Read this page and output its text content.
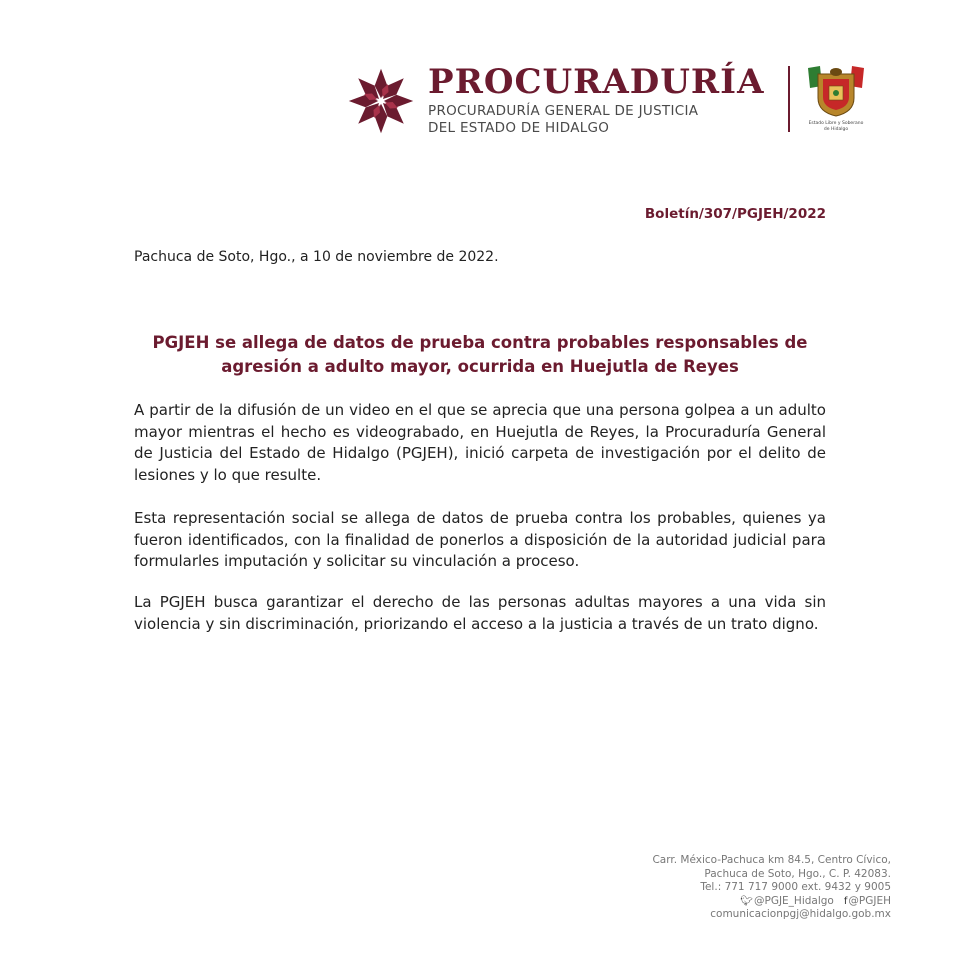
PROCURADURÍA
PROCURADURÍA GENERAL DE JUSTICIA
DEL ESTADO DE HIDALGO	Estado Libre y Soberano
de Hidalgo
Boletín/307/PGJEH/2022
Pachuca de Soto, Hgo., a 10 de noviembre de 2022.
PGJEH se allega de datos de prueba contra probables responsables de
agresión a adulto mayor, ocurrida en Huejutla de Reyes
A partir de la difusión de un video en el que se aprecia que una persona golpea a un adulto mayor mientras el hecho es videograbado, en Huejutla de Reyes, la Procuraduría General de Justicia del Estado de Hidalgo (PGJEH), inició carpeta de investigación por el delito de lesiones y lo que resulte.
Esta representación social se allega de datos de prueba contra los probables, quienes ya fueron identificados, con la finalidad de ponerlos a disposición de la autoridad judicial para formularles imputación y solicitar su vinculación a proceso.
La PGJEH busca garantizar el derecho de las personas adultas mayores a una vida sin violencia y sin discriminación, priorizando el acceso a la justicia a través de un trato digno.
Carr. México-Pachuca km 84.5, Centro Cívico,
Pachuca de Soto, Hgo., C. P. 42083.
Tel.: 771 717 9000 ext. 9432 y 9005
🐦︎@PGJE_Hidalgo f@PGJEH
comunicacionpgj@hidalgo.gob.mx
